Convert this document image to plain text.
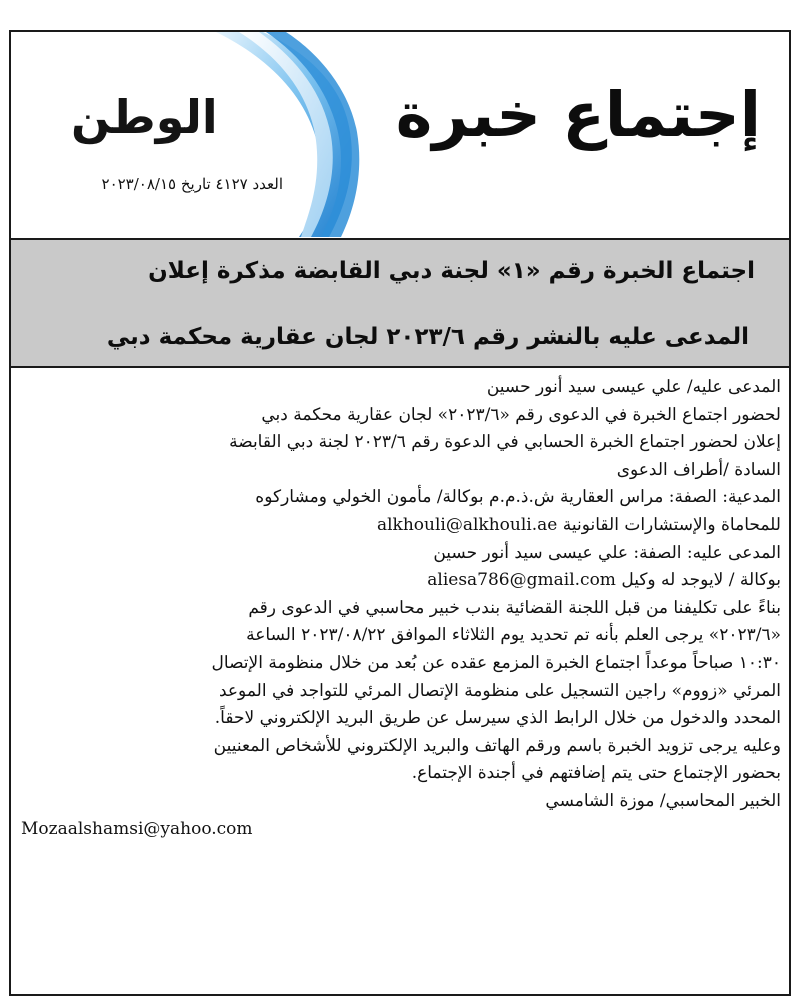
إجتماع خبرة
الوطن
العدد ٤١٢٧ تاريخ ٢٠٢٣/٠٨/١٥
اجتماع الخبرة رقم «١» لجنة دبي القابضة مذكرة إعلان
المدعى عليه بالنشر رقم ٢٠٢٣/٦ لجان عقارية محكمة دبي

المدعى عليه/ علي عيسى سيد أنور حسين

لحضور اجتماع الخبرة في الدعوى رقم «٢٠٢٣/٦» لجان عقارية محكمة دبي

إعلان لحضور اجتماع الخبرة الحسابي في الدعوة رقم ٢٠٢٣/٦ لجنة دبي القابضة

السادة /أطراف الدعوى

المدعية: الصفة: مراس العقارية ش.ذ.م.م بوكالة/ مأمون الخولي ومشاركوه

للمحاماة والإستشارات القانونية alkhouli@alkhouli.ae

المدعى عليه: الصفة: علي عيسى سيد أنور حسين

بوكالة / لايوجد له وكيل aliesa786@gmail.com

بناءً على تكليفنا من قبل اللجنة القضائية بندب خبير محاسبي في الدعوى رقم

«٢٠٢٣/٦» يرجى العلم بأنه تم تحديد يوم الثلاثاء الموافق ٢٠٢٣/٠٨/٢٢ الساعة

١٠:٣٠ صباحاً موعداً اجتماع الخبرة المزمع عقده عن بُعد من خلال منظومة الإتصال

المرئي «زووم» راجين التسجيل على منظومة الإتصال المرئي للتواجد في الموعد

المحدد والدخول من خلال الرابط الذي سيرسل عن طريق البريد الإلكتروني لاحقاً.

وعليه يرجى تزويد الخبرة باسم ورقم الهاتف والبريد الإلكتروني للأشخاص المعنيين

بحضور الإجتماع حتى يتم إضافتهم في أجندة الإجتماع.

الخبير المحاسبي/ موزة الشامسي

Mozaalshamsi@yahoo.com
